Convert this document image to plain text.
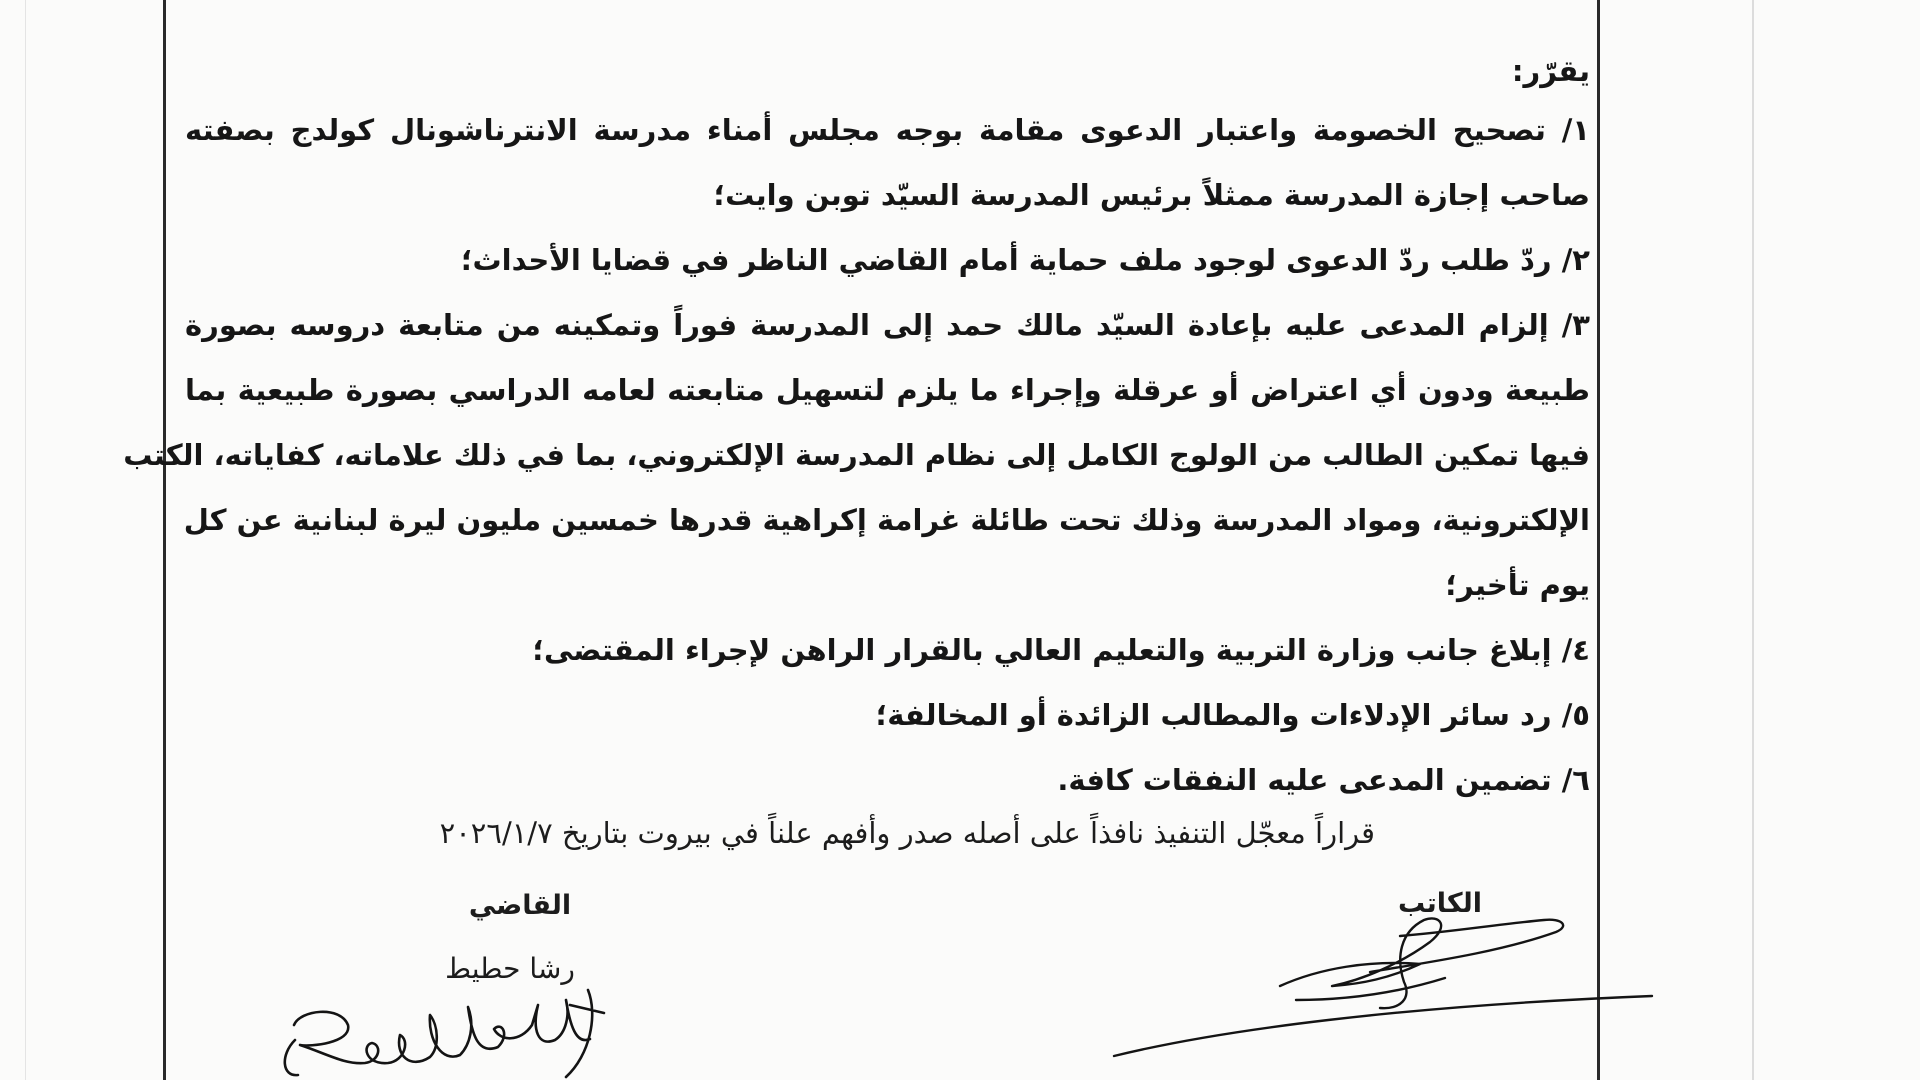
يقرّر:
١/ تصحيح الخصومة واعتبار الدعوى مقامة بوجه مجلس أمناء مدرسة الانترناشونال كولدج بصفته
صاحب إجازة المدرسة ممثلاً برئيس المدرسة السيّد توبن وايت؛
٢/ ردّ طلب ردّ الدعوى لوجود ملف حماية أمام القاضي الناظر في قضايا الأحداث؛
٣/ إلزام المدعى عليه بإعادة السيّد مالك حمد إلى المدرسة فوراً وتمكينه من متابعة دروسه بصورة
طبيعة ودون أي اعتراض أو عرقلة وإجراء ما يلزم لتسهيل متابعته لعامه الدراسي بصورة طبيعية بما
فيها تمكين الطالب من الولوج الكامل إلى نظام المدرسة الإلكتروني، بما في ذلك علاماته، كفاياته، الكتب
الإلكترونية، ومواد المدرسة وذلك تحت طائلة غرامة إكراهية قدرها خمسين مليون ليرة لبنانية عن كل
يوم تأخير؛
٤/ إبلاغ جانب وزارة التربية والتعليم العالي بالقرار الراهن لإجراء المقتضى؛
٥/ رد سائر الإدلاءات والمطالب الزائدة أو المخالفة؛
٦/ تضمين المدعى عليه النفقات كافة.
قراراً معجّل التنفيذ نافذاً على أصله صدر وأفهم علناً في بيروت بتاريخ ٢٠٢٦/١/٧
القاضي
رشا حطيط
الكاتب
